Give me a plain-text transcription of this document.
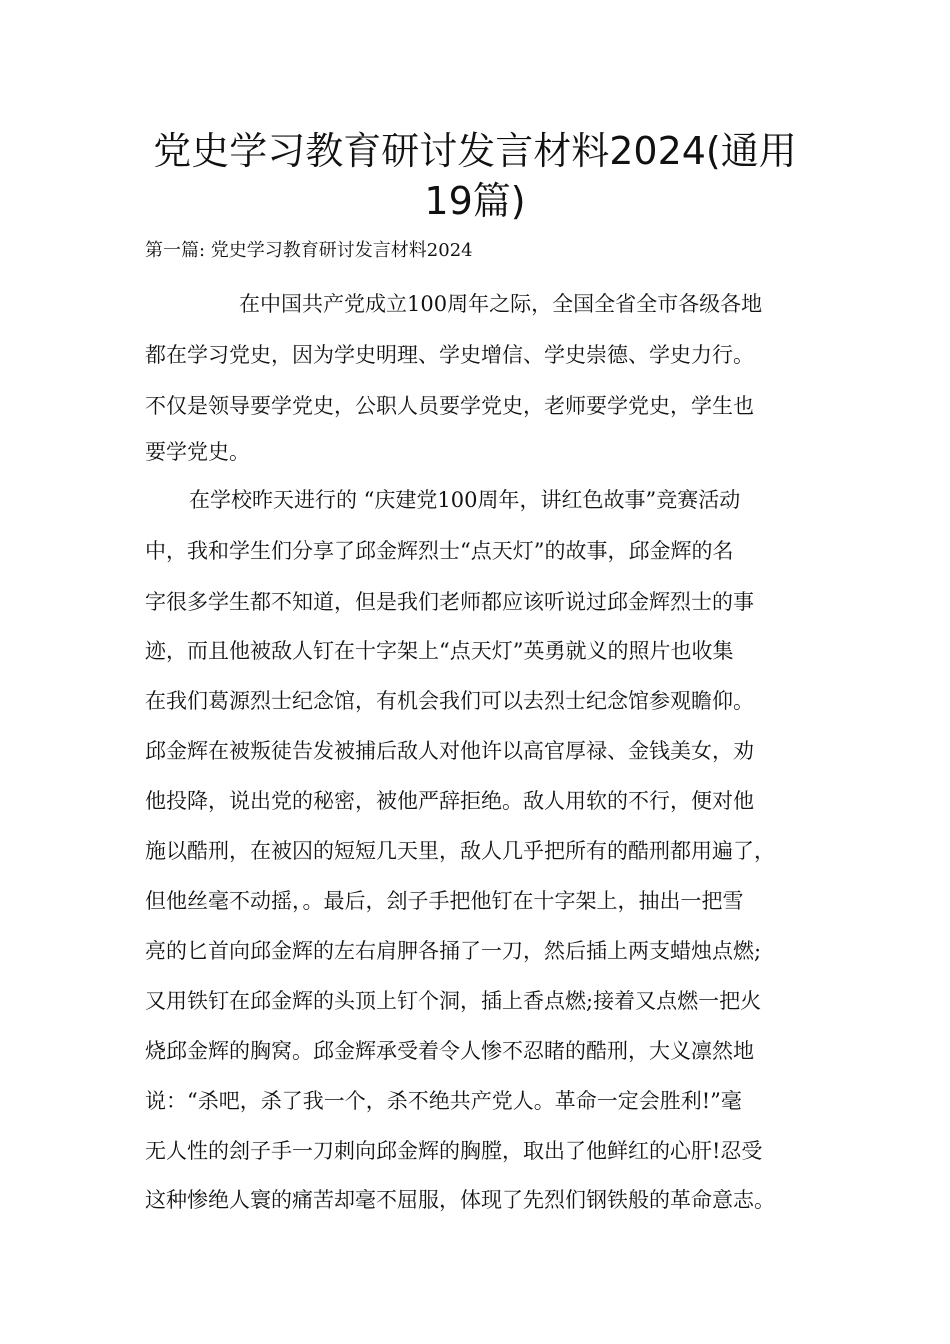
党史学习教育研讨发言材料2024(通用
19篇)

第一篇: 党史学习教育研讨发言材料2024

在中国共产党成立100周年之际，全国全省全市各级各地
都在学习党史，因为学史明理、学史增信、学史崇德、学史力行。
不仅是领导要学党史，公职人员要学党史，老师要学党史，学生也
要学党史。
在学校昨天进行的 “庆建党100周年，讲红色故事”竞赛活动
中，我和学生们分享了邱金辉烈士“点天灯”的故事，邱金辉的名
字很多学生都不知道，但是我们老师都应该听说过邱金辉烈士的事
迹，而且他被敌人钉在十字架上“点天灯”英勇就义的照片也收集
在我们葛源烈士纪念馆，有机会我们可以去烈士纪念馆参观瞻仰。
邱金辉在被叛徒告发被捕后敌人对他许以高官厚禄、金钱美女，劝
他投降，说出党的秘密，被他严辞拒绝。敌人用软的不行，便对他
施以酷刑，在被囚的短短几天里，敌人几乎把所有的酷刑都用遍了，
但他丝毫不动摇，。最后，刽子手把他钉在十字架上，抽出一把雪
亮的匕首向邱金辉的左右肩胛各捅了一刀，然后插上两支蜡烛点燃;
又用铁钉在邱金辉的头顶上钉个洞，插上香点燃;接着又点燃一把火
烧邱金辉的胸窝。邱金辉承受着令人惨不忍睹的酷刑，大义凛然地
说：“杀吧，杀了我一个，杀不绝共产党人。革命一定会胜利!”毫
无人性的刽子手一刀刺向邱金辉的胸膛，取出了他鲜红的心肝!忍受
这种惨绝人寰的痛苦却毫不屈服，体现了先烈们钢铁般的革命意志。
